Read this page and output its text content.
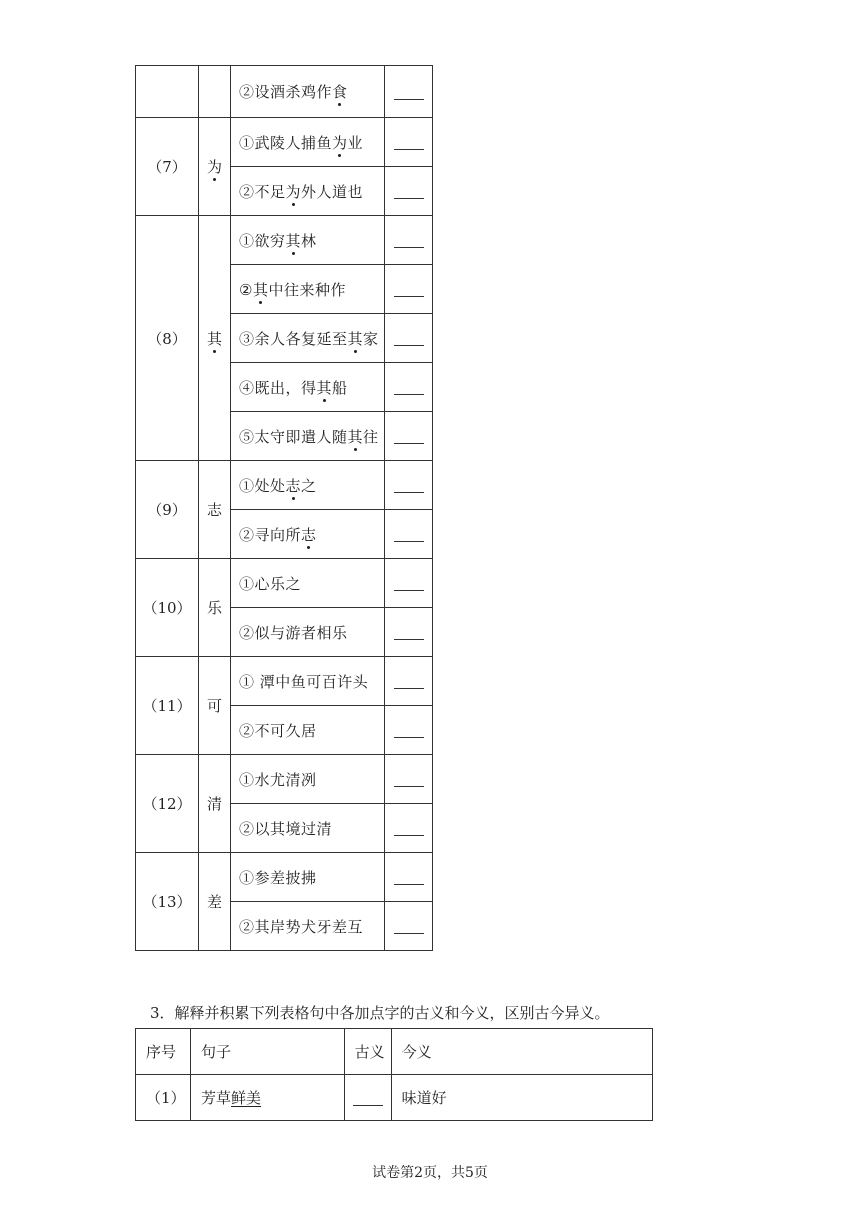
		②设酒杀鸡作食	
（7）	为	①武陵人捕鱼为业	
		②不足为外人道也	
（8）	其	①欲穷其林	
		②其中往来种作	
		③余人各复延至其家	
		④既出，得其船	
		⑤太守即遣人随其往	
（9）	志	①处处志之	
		②寻向所志	
（10）	乐	①心乐之	
		②似与游者相乐	
（11）	可	① 潭中鱼可百许头	
		②不可久居	
（12）	清	①水尤清冽	
		②以其境过清	
（13）	差	①参差披拂	
		②其岸势犬牙差互	
3．解释并积累下列表格句中各加点字的古义和今义，区别古今异义。
序号	句子	古义	今义
（1）	芳草鲜美		味道好
试卷第2页，共5页
